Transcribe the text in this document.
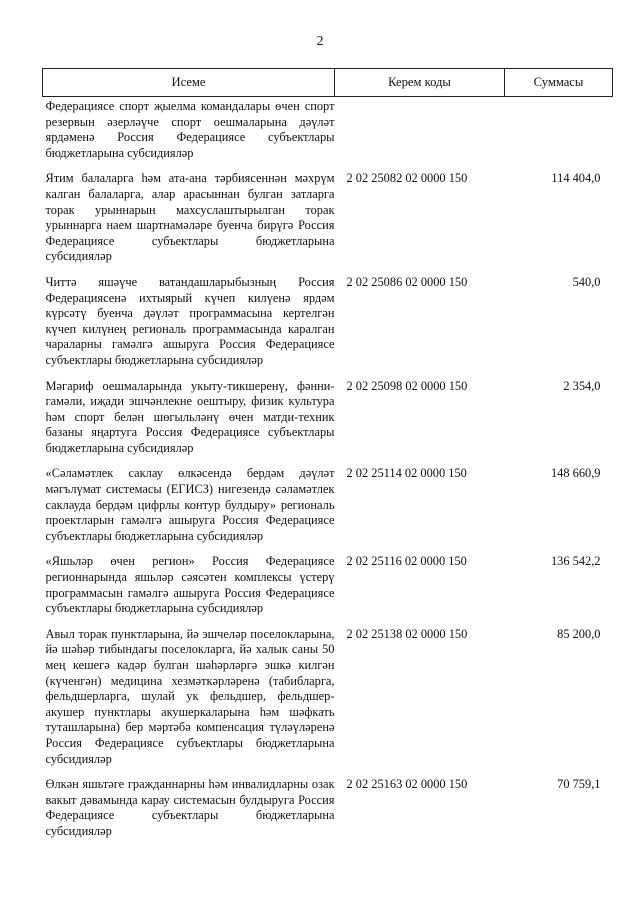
2
Исеме	Керем коды	Суммасы
Федерациясе спорт җыелма командалары өчен спорт резервын әзерләүче спорт оешмаларына дәүләт ярдәменә Россия Федерациясе субъектлары бюджетларына субсидияләр		
Ятим балаларга һәм ата-ана тәрбиясеннән мәхрүм калган балаларга, алар арасыннан булган затларга торак урыннарын махсуслаштырылган торак урыннарга наем шартнамәләре буенча бирүгә Россия Федерациясе субъектлары бюджетларына субсидияләр	2 02 25082 02 0000 150	114 404,0
Читтә яшәүче ватандашларыбызның Россия Федерациясенә ихтыярый күчеп килүенә ярдәм күрсәтү буенча дәүләт программасына кертелгән күчеп килүнең региональ программасында каралган чараларны гамәлгә ашыруга Россия Федерациясе субъектлары бюджетларына субсидияләр	2 02 25086 02 0000 150	540,0
Мәгариф оешмаларында укыту-тикшеренү, фәнни-гамәли, иҗади эшчәнлекне оештыру, физик культура һәм спорт белән шөгыльләнү өчен матди-техник базаны яңартуга Россия Федерациясе субъектлары бюджетларына субсидияләр	2 02 25098 02 0000 150	2 354,0
«Сәламәтлек саклау өлкәсендә бердәм дәүләт мәгълүмат системасы (ЕГИСЗ) нигезендә сәламәтлек саклауда бердәм цифрлы контур булдыру» региональ проектларын гамәлгә ашыруга Россия Федерациясе субъектлары бюджетларына субсидияләр	2 02 25114 02 0000 150	148 660,9
«Яшьләр өчен регион» Россия Федерациясе регионнарында яшьләр сәясәтен комплексы үстерү программасын гамәлгә ашыруга Россия Федерациясе субъектлары бюджетларына субсидияләр	2 02 25116 02 0000 150	136 542,2
Авыл торак пунктларына, йә эшчеләр поселокларына, йә шәһәр тибындагы поселокларга, йә халык саны 50 мең кешегә кадәр булган шәһәрләргә эшкә килгән (күченгән) медицина хезмәткәрләренә (табибларга, фельдшерларга, шулай ук фельдшер, фельдшер-акушер пунктлары акушеркаларына һәм шәфкать туташларына) бер мәртәбә компенсация түләүләренә Россия Федерациясе субъектлары бюджетларына субсидияләр	2 02 25138 02 0000 150	85 200,0
Өлкән яшьтәге гражданнарны һәм инвалидларны озак вакыт дәвамында карау системасын булдыруга Россия Федерациясе субъектлары бюджетларына субсидияләр	2 02 25163 02 0000 150	70 759,1
